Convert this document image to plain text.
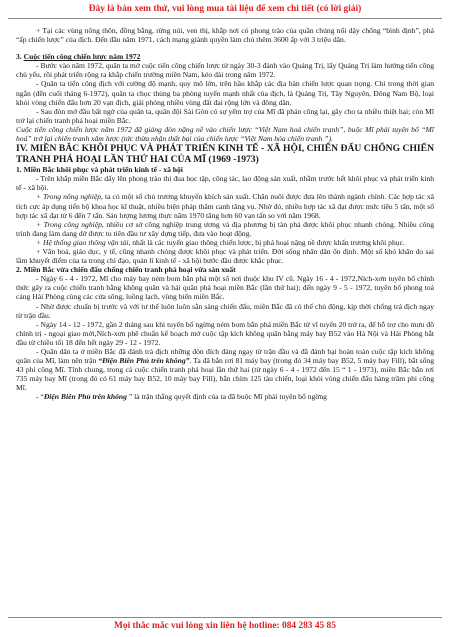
Đây là bản xem thử, vui lòng mua tài liệu để xem chi tiết (có lời giải)

+ Tại các vùng nông thôn, đồng bằng, rừng núi, ven thị, khắp nơi có phong trào của quần chúng nổi dậy chống “bình định”, phá “ấp chiến lược” của địch. Đến đầu năm 1971, cách mạng giành quyền làm chủ thêm 3600 ấp với 3 triệu dân.

3. Cuộc tiến công chiến lược năm 1972

- Bước vào năm 1972, quân ta mở cuộc tiến công chiến lược từ ngày 30-3 đánh vào Quảng Trị, lấy Quảng Trị làm hướng tiến công chủ yếu, rồi phát triển rộng ra khắp chiến trường miền Nam, kéo dài trong năm 1972.

- Quân ta tiến công địch với cường độ mạnh, quy mô lớn, trên hầu khắp các địa bàn chiến lược quan trọng. Chỉ trong thời gian ngắn (đến cuối tháng 6-1972), quân ta chọc thủng ba phòng tuyến mạnh nhất của địch, là Quảng Trị, Tây Nguyên, Đông Nam Bộ, loại khỏi vòng chiến đấu hơn 20 vạn địch, giải phóng nhiều vùng đất đai rộng lớn và đông dân.

- Sau đòn mở đầu bất ngờ của quân ta, quân đội Sài Gòn có sự yểm trợ của Mĩ đã phản công lại, gây cho ta nhiều thiệt hại; còn Mĩ trở lại chiến tranh phá hoại miền Bắc.

Cuộc tiến công chiến lược năm 1972 đã giáng đòn nặng nề vào chiến lược “Việt Nam hoá chiến tranh”, buộc Mĩ phải tuyên bố “Mĩ hoá” trở lại chiến tranh xâm lược (tức thừa nhận thất bại của chiến lược “Việt Nam hóa chiến tranh ”).

IV. MIỀN BẮC KHÔI PHỤC VÀ PHÁT TRIỂN KINH TẾ - XÃ HỘI, CHIẾN ĐẤU CHỐNG CHIẾN TRANH PHÁ HOẠI LẦN THỨ HAI CỦA MĨ (1969 -1973)

1. Miền Bắc khôi phục và phát triển kinh tế - xã hội

- Trên khắp miền Bắc dấy lên phong trào thi đua học tập, công tác, lao động sản xuất, nhằm trước hết khôi phục và phát triển kinh tế - xã hội.

+ Trong nông nghiệp, ta có một số chủ trương khuyến khích sản xuất. Chăn nuôi được đưa lên thành ngành chính. Các hợp tác xã tích cực áp dụng tiến bộ khoa học kĩ thuật, nhiều biện pháp thâm canh tăng vụ. Nhờ đó, nhiều hợp tác xã đạt được mức tiêu 5 tấn, một số hợp tác xã đạt từ 6 đến 7 tấn. Sản lượng lương thực năm 1970 tăng hơn 60 vạn tấn so với năm 1968.

+ Trong công nghiệp, nhiều cơ sở công nghiệp trung ương và địa phương bị tàn phá được khôi phục nhanh chóng. Nhiều công trình đang làm dang dở được tu tiên đầu tư xây dựng tiếp, đưa vào hoạt động.

+ Hệ thống giao thông vận tải, nhất là các tuyến giao thông chiến lược, bị phá hoại nặng nề được khẩn trương khôi phục.

+ Văn hoá, giáo dục, y tế, cũng nhanh chóng được khôi phục và phát triển. Đời sống nhân dân ổn định. Một số khó khăn do sai lầm khuyết điểm của ta trong chỉ đạo, quản lí kinh tế - xã hội bước đầu được khắc phục.

2. Miền Bắc vừa chiến đấu chống chiến tranh phá hoại vừa sản xuất

- Ngày 6 - 4 - 1972, Mĩ cho máy bay ném bom bắn phá một số nơi thuộc khu IV cũ. Ngày 16 - 4 - 1972,Ních-xơn tuyên bố chính thức gây ra cuộc chiến tranh bằng không quân và hải quân phá hoại miền Bắc (lần thứ hai); đến ngày 9 - 5 - 1972, tuyên bố phong toả cảng Hải Phòng cùng các cửa sông, luồng lạch, vùng biển miền Bắc.

- Nhờ được chuẩn bị trước và với tư thế luôn luôn sẵn sàng chiến đấu, miền Bắc đã có thế chủ động, kịp thời chống trả địch ngay từ trận đầu.

- Ngày 14 - 12 - 1972, gần 2 tháng sau khi tuyên bố ngừng ném bom bắn phá miền Bắc từ vĩ tuyến 20 trở ra, để hỗ trợ cho mưu đồ chính trị - ngoại giao mới,Ních-xơn phê chuẩn kế hoạch mở cuộc tập kích không quân bằng máy bay B52 vào Hà Nội và Hải Phòng bắt đầu từ chiều tối 18 đến hết ngày 29 - 12 - 1972.

- Quân dân ta ở miền Bắc đã đánh trả địch những đòn đích đáng ngay từ trận đầu và đã đánh bại hoàn toàn cuộc tập kích không quân của Mĩ, làm nên trận “Điện Biên Phủ trên không”. Ta đã bắn rơi 81 máy bay (trong đó 34 máy bay B52, 5 máy bay Fill), bắt sống 43 phi công Mĩ. Tính chung, trong cả cuộc chiến tranh phá hoại lần thứ hai (từ ngày 6 - 4 - 1972 đến 15 “ 1 - 1973), miền Bắc bắn rơi 735 máy bay Mĩ (trong đó có 61 máy bay B52, 10 máy bay Fill), bắn chìm 125 tàu chiến, loại khỏi vòng chiến đấu hàng trăm phi công Mĩ.

- “Điện Biên Phủ trên không ” là trận thắng quyết định của ta đã buộc Mĩ phải tuyên bố ngừng

Mọi thắc mắc vui lòng xin liên hệ hotline: 084 283 45 85
